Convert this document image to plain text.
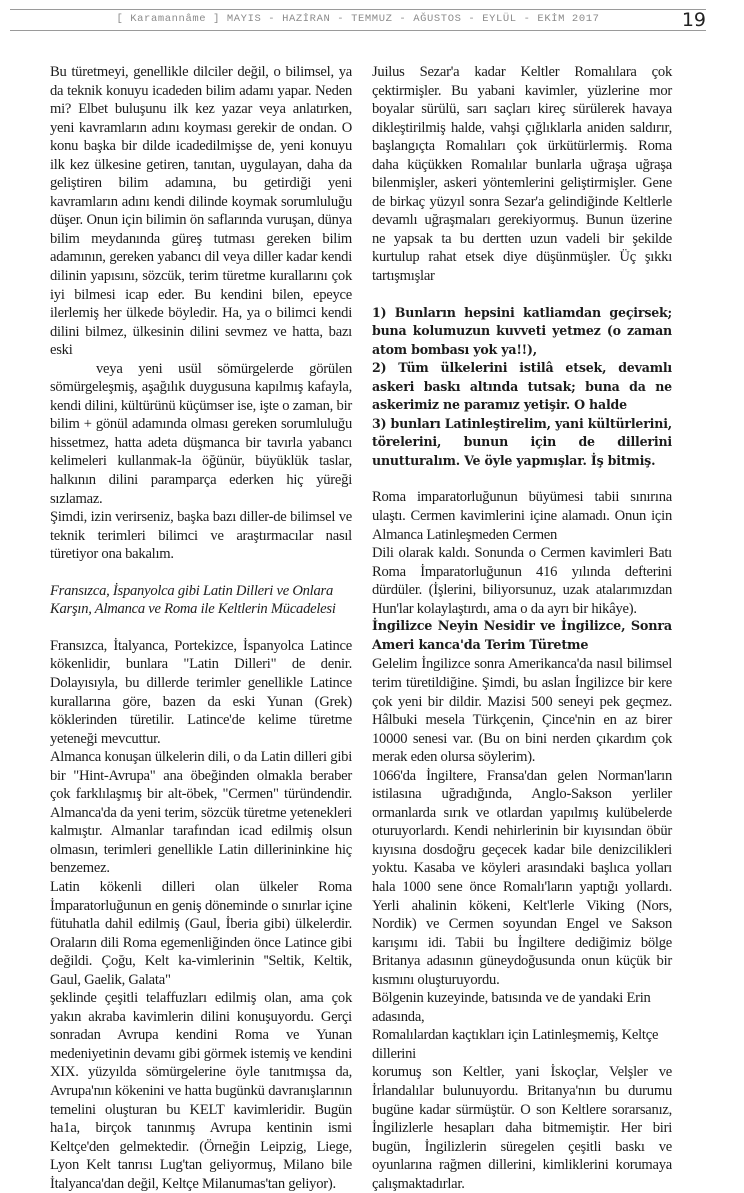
[ Karamannâme ] MAYIS - HAZİRAN - TEMMUZ - AĞUSTOS - EYLÜL - EKİM 2017	19

Bu türetmeyi, genellikle dilciler değil, o bilimsel, ya da teknik konuyu icadeden bilim adamı yapar. Neden mi? Elbet buluşunu ilk kez yazar veya anlatırken, yeni kavramların adını koyması gerekir de ondan. O konu başka bir dilde icadedilmişse de, yeni konuyu ilk kez ülkesine getiren, tanıtan, uygulayan, daha da geliştiren bilim adamına, bu getirdiği yeni kavramların adını kendi dilinde koymak sorumluluğu düşer. Onun için bilimin ön saflarında vuruşan, dünya bilim meydanında güreş tutması gereken bilim adamının, gereken yabancı dil veya diller kadar kendi dilinin yapısını, sözcük, terim türetme kurallarını çok iyi bilmesi icap eder. Bu kendini bilen, epeyce ilerlemiş her ülkede böyledir. Ha, ya o bilimci kendi dilini bilmez, ülkesinin dilini sevmez ve hatta, bazı eski

veya yeni usül sömürgelerde görülen sömürgeleşmiş, aşağılık duygusuna kapılmış kafayla, kendi dilini, kültürünü küçümser ise, işte o zaman, bir bilim + gönül adamında olması gereken sorumluluğu hissetmez, hatta adeta düşmanca bir tavırla yabancı kelimeleri kullanmak-la öğünür, büyüklük taslar, halkının dilini paramparça ederken hiç yüreği sızlamaz.

Şimdi, izin verirseniz, başka bazı diller-de bilimsel ve teknik terimleri bilimci ve araştırmacılar nasıl türetiyor ona bakalım.

Fransızca, İspanyolca gibi Latin Dilleri ve Onlara Karşın, Almanca ve Roma ile Keltlerin Mücadelesi

Fransızca, İtalyanca, Portekizce, İspanyolca Latince kökenlidir, bunlara "Latin Dilleri" de denir. Dolayısıyla, bu dillerde terimler genellikle Latince kurallarına göre, bazen da eski Yunan (Grek) köklerinden türetilir. Latince'de kelime türetme yeteneği mevcuttur.

Almanca konuşan ülkelerin dili, o da Latin dilleri gibi bir "Hint-Avrupa" ana öbeğinden olmakla beraber çok farklılaşmış bir alt-öbek, "Cermen" türündendir. Almanca'da da yeni terim, sözcük türetme yetenekleri kalmıştır. Almanlar tarafından icad edilmiş olsun olmasın, terimleri genellikle Latin dillerininkine hiç benzemez.

Latin kökenli dilleri olan ülkeler Roma İmparatorluğunun en geniş döneminde o sınırlar içine fütuhatla dahil edilmiş (Gaul, İberia gibi) ülkelerdir. Oraların dili Roma egemenliğinden önce Latince gibi değildi. Çoğu, Kelt ka-vimlerinin ''Seltik, Keltik, Gaul, Gaelik, Galata"

şeklinde çeşitli telaffuzları edilmiş olan, ama çok yakın akraba kavimlerin dilini konuşuyordu. Gerçi sonradan Avrupa kendini Roma ve Yunan medeniyetinin devamı gibi görmek istemiş ve kendini XIX. yüzyılda sömürgelerine öyle tanıtmışsa da, Avrupa'nın kökenini ve hatta bugünkü davranışlarının temelini oluşturan bu KELT kavimleridir. Bugün ha1a, birçok tanınmış Avrupa kentinin ismi Keltçe'den gelmektedir. (Örneğin Leipzig, Liege, Lyon Kelt tanrısı Lug'tan geliyormuş, Milano bile İtalyanca'dan değil, Keltçe Milanumas'tan geliyor).

Juilus Sezar'a kadar Keltler Romalılara çok çektirmişler. Bu yabani kavimler, yüzlerine mor boyalar sürülü, sarı saçları kireç sürülerek havaya dikleştirilmiş halde, vahşi çığlıklarla aniden saldırır, başlangıçta Romalıları çok ürkütürlermiş. Roma daha küçükken Romalılar bunlarla uğraşa uğraşa bilenmişler, askeri yöntemlerini geliştirmişler. Gene de birkaç yüzyıl sonra Sezar'a gelindiğinde Keltlerle devamlı uğraşmaları gerekiyormuş. Bunun üzerine ne yapsak ta bu dertten uzun vadeli bir şekilde kurtulup rahat etsek diye düşünmüşler. Üç şıkkı tartışmışlar

1) Bunların hepsini katliamdan geçirsek; buna kolumuzun kuvveti yetmez (o zaman atom bombası yok ya!!),

2) Tüm ülkelerini istilâ etsek, devamlı askeri baskı altında tutsak; buna da ne askerimiz ne paramız yetişir. O halde

3) bunları Latinleştirelim, yani kültürlerini, törelerini, bunun için de dillerini unutturalım. Ve öyle yapmışlar. İş bitmiş.

Roma imparatorluğunun büyümesi tabii sınırına ulaştı. Cermen kavimlerini içine alamadı. Onun için Almanca Latinleşmeden Cermen

Dili olarak kaldı. Sonunda o Cermen kavimleri Batı Roma İmparatorluğunun 416 yılında defterini dürdüler. (İşlerini, biliyorsunuz, uzak atalarımızdan Hun'lar kolaylaştırdı, ama o da ayrı bir hikâye).

İngilizce Neyin Nesidir ve İngilizce, Sonra Ameri kanca'da Terim Türetme

Gelelim İngilizce sonra Amerikanca'da nasıl bilimsel terim türetildiğine. Şimdi, bu aslan İngilizce bir kere çok yeni bir dildir. Mazisi 500 seneyi pek geçmez. Hâlbuki mesela Türkçenin, Çince'nin en az birer 10000 senesi var. (Bu on bini nerden çıkardım çok merak eden olursa söylerim).

1066'da İngiltere, Fransa'dan gelen Norman'ların istilasına uğradığında, Anglo-Sakson yerliler ormanlarda sırık ve otlardan yapılmış kulübelerde oturuyorlardı. Kendi nehirlerinin bir kıyısından öbür kıyısına dosdoğru geçecek kadar bile denizcilikleri yoktu. Kasaba ve köyleri arasındaki başlıca yolları hala 1000 sene önce Romalı'ların yaptığı yollardı. Yerli ahalinin kökeni, Kelt'lerle Viking (Nors, Nordik) ve Cermen soyundan Engel ve Sakson karışımı idi. Tabii bu İngiltere dediğimiz bölge Britanya adasının güneydoğusunda onun küçük bir kısmını oluşturuyordu.

Bölgenin kuzeyinde, batısında ve de yandaki Erin adasında,

Romalılardan kaçtıkları için Latinleşmemiş, Keltçe dillerini

korumuş son Keltler, yani İskoçlar, Velşler ve İrlandalılar bulunuyordu. Britanya'nın bu durumu bugüne kadar sürmüştür. O son Keltlere sorarsanız, İngilizlerle hesapları daha bitmemiştir. Her biri bugün, İngilizlerin süregelen çeşitli baskı ve oyunlarına rağmen dillerini, kimliklerini korumaya çalışmaktadırlar.
